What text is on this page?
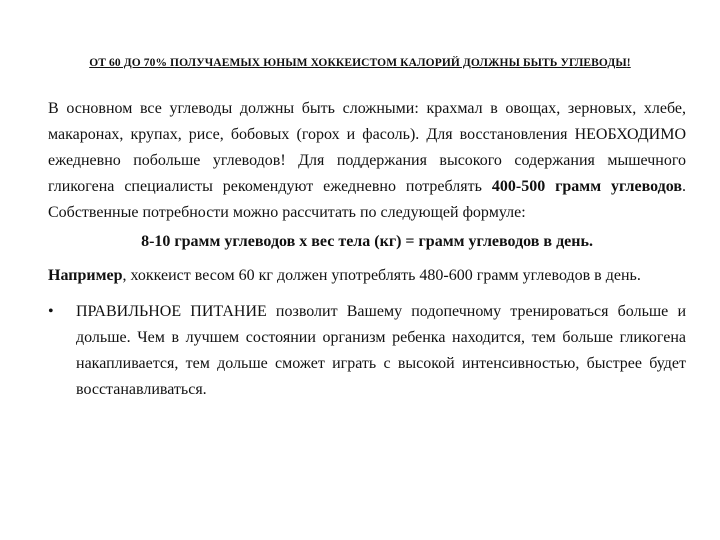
ОТ 60 ДО 70% ПОЛУЧАЕМЫХ ЮНЫМ ХОККЕИСТОМ КАЛОРИЙ ДОЛЖНЫ БЫТЬ УГЛЕВОДЫ!

В основном все углеводы должны быть сложными: крахмал в овощах, зерновых, хлебе, макаронах, крупах, рисе, бобовых (горох и фасоль). Для восстановления НЕОБХОДИМО ежедневно побольше углеводов! Для поддержания высокого содержания мышечного гликогена специалисты рекомендуют ежедневно потреблять 400-500 грамм углеводов. Собственные потребности можно рассчитать по следующей формуле:

8-10 грамм углеводов х вес тела (кг) = грамм углеводов в день.

Например, хоккеист весом 60 кг должен употреблять 480-600 грамм углеводов в день.

•	ПРАВИЛЬНОЕ ПИТАНИЕ позволит Вашему подопечному тренироваться больше и дольше. Чем в лучшем состоянии организм ребенка находится, тем больше гликогена накапливается, тем дольше сможет играть с высокой интенсивностью, быстрее будет восстанавливаться.
